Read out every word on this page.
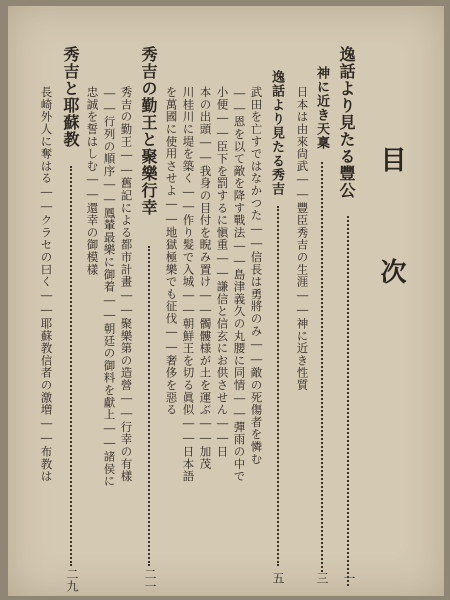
目　次
逸話より見たる豐公
一
神に近き天稟
三
日本は由來尙武――豐臣秀吉の生涯――神に近き性質
逸話より見たる秀吉
五
武田を亡すではなかつた――信長は勇將のみ――敵の死傷者を憐む
――恩を以て敵を降す戰法――島津義久の丸腰に同情――彈雨の中で
小便――臣下を罰するに愼重――謙信と信玄にお供させん――日
本の出頭――我身の目付を睨み置け――髑髏様が土を運ぶ――加茂
川桂川に堤を築く――作り髮で入城――朝鮮王を切る眞似――日本語
を萬國に使用させよ――地獄極樂でも征伐――奢侈を惡る
秀吉の勤王と聚樂行幸
二一
秀吉の勤王――舊記による都市計畫――聚樂第の造營――行幸の有樣
――行列の順序――鳳輦最樂に御着――朝廷の御料を獻上――諸侯に
忠誠を誓はしむ――還幸の御模樣
秀吉と耶蘇教
二九
長崎外人に奪はる――クラセの曰く――耶蘇教信者の激増――布教は
